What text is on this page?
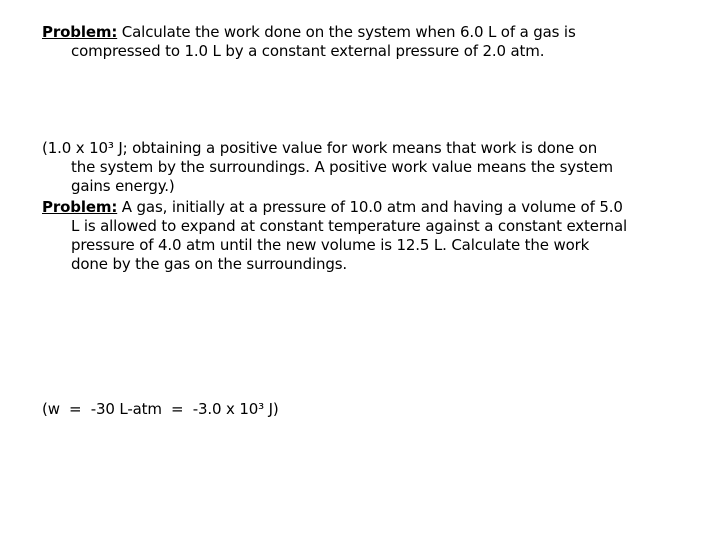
Problem: Calculate the work done on the system when 6.0 L of a gas is
compressed to 1.0 L by a constant external pressure of 2.0 atm.
(1.0 x 10³ J; obtaining a positive value for work means that work is done on
the system by the surroundings. A positive work value means the system
gains energy.)
Problem: A gas, initially at a pressure of 10.0 atm and having a volume of 5.0
L is allowed to expand at constant temperature against a constant external
pressure of 4.0 atm until the new volume is 12.5 L. Calculate the work
done by the gas on the surroundings.
(w  =  -30 L-atm  =  -3.0 x 10³ J)
